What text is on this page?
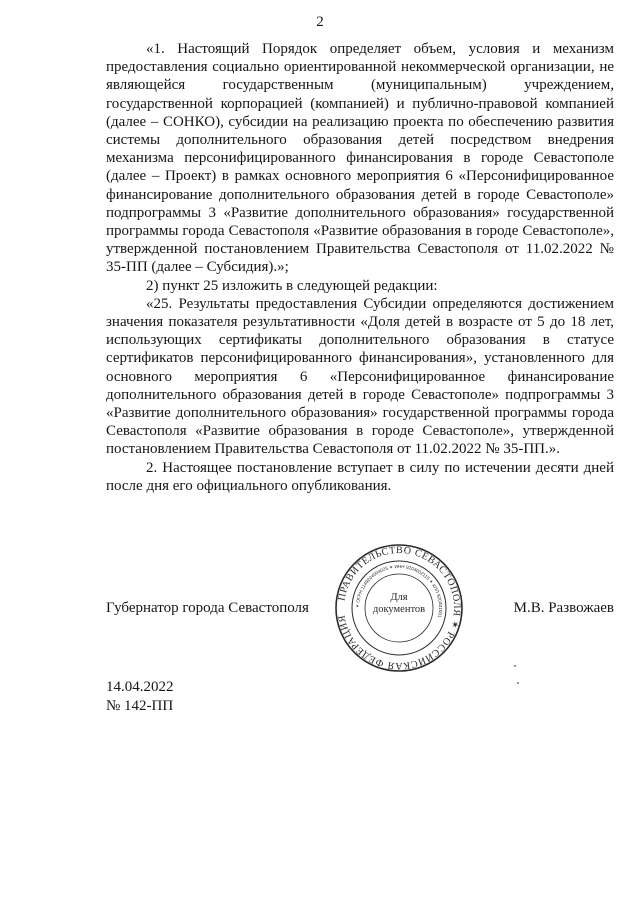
2

«1. Настоящий Порядок определяет объем, условия и механизм предоставления социально ориентированной некоммерческой организации, не являющейся государственным (муниципальным) учреждением, государственной корпорацией (компанией) и публично-правовой компанией (далее – СОНКО), субсидии на реализацию проекта по обеспечению развития системы дополнительного образования детей посредством внедрения механизма персонифицированного финансирования в городе Севастополе (далее – Проект) в рамках основного мероприятия 6 «Персонифицированное финансирование дополнительного образования детей в городе Севастополе» подпрограммы 3 «Развитие дополнительного образования» государственной программы города Севастополя «Развитие образования в городе Севастополе», утвержденной постановлением Правительства Севастополя от 11.02.2022 № 35-ПП (далее – Субсидия).»;

2) пункт 25 изложить в следующей редакции:

«25. Результаты предоставления Субсидии определяются достижением значения показателя результативности «Доля детей в возрасте от 5 до 18 лет, использующих сертификаты дополнительного образования в статусе сертификатов персонифицированного финансирования», установленного для основного мероприятия 6 «Персонифицированное финансирование дополнительного образования детей в городе Севастополе» подпрограммы 3 «Развитие дополнительного образования» государственной программы города Севастополя «Развитие образования в городе Севастополе», утвержденной постановлением Правительства Севастополя от 11.02.2022 № 35-ПП.».

2. Настоящее постановление вступает в силу по истечении десяти дней после дня его официального опубликования.

Губернатор города Севастополя	М.В. Развожаев
ПРАВИТЕЛЬСТВО СЕВАСТОПОЛЯ ✶ РОССИЙСКАЯ ФЕДЕРАЦИЯ
✶ ОГРН 1149204004025 ✶ ИНН 9204002115 ✶ КПП 920401001
Для
документов
14.04.2022
№ 142-ПП
